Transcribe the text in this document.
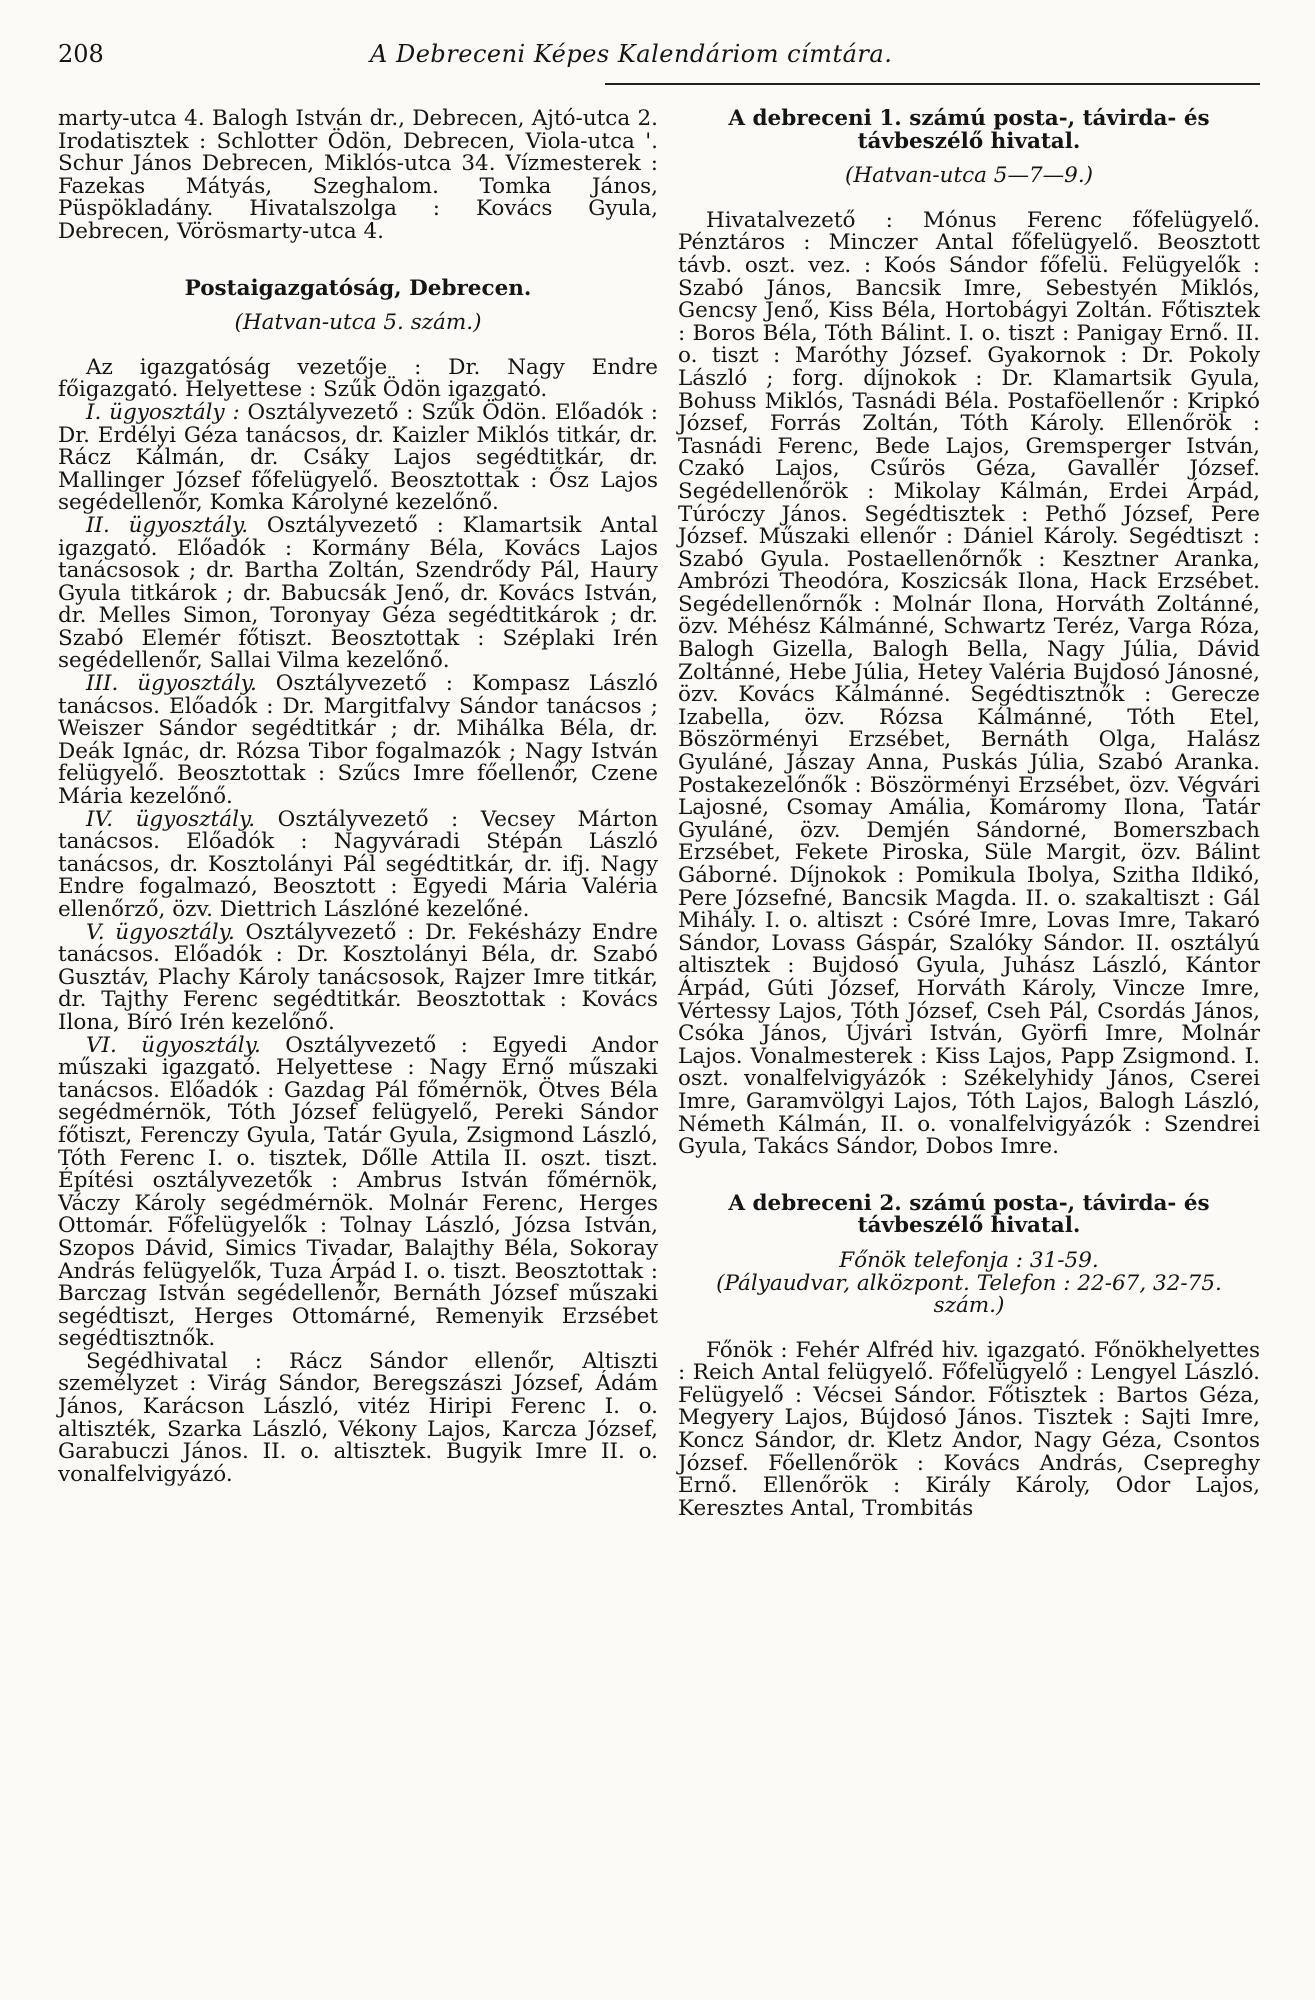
208	A Debreceni Képes Kalendáriom címtára.

marty-utca 4. Balogh István dr., Debrecen, Ajtó-utca 2. Irodatisztek : Schlotter Ödön, Debrecen, Viola-utca '. Schur János Debrecen, Miklós-utca 34. Vízmesterek : Fazekas Mátyás, Szeghalom. Tomka János, Püspökladány. Hivatalszolga : Kovács Gyula, Debrecen, Vörösmarty-utca 4.

Postaigazgatóság, Debrecen.

(Hatvan-utca 5. szám.)

Az igazgatóság vezetője : Dr. Nagy Endre főigazgató. Helyettese : Szűk Ödön igazgató.

I. ügyosztály : Osztályvezető : Szűk Ödön. Előadók : Dr. Erdélyi Géza tanácsos, dr. Kaizler Miklós titkár, dr. Rácz Kálmán, dr. Csáky Lajos segédtitkár, dr. Mallinger József főfelügyelő. Beosztottak : Ősz Lajos segédellenőr, Komka Károlyné kezelőnő.

II. ügyosztály. Osztályvezető : Klamartsik Antal igazgató. Előadók : Kormány Béla, Kovács Lajos tanácsosok ; dr. Bartha Zoltán, Szendrődy Pál, Haury Gyula titkárok ; dr. Babucsák Jenő, dr. Kovács István, dr. Melles Simon, Toronyay Géza segédtitkárok ; dr. Szabó Elemér főtiszt. Beosztottak : Széplaki Irén segédellenőr, Sallai Vilma kezelőnő.

III. ügyosztály. Osztályvezető : Kompasz László tanácsos. Előadók : Dr. Margitfalvy Sándor tanácsos ; Weiszer Sándor segédtitkár ; dr. Mihálka Béla, dr. Deák Ignác, dr. Rózsa Tibor fogalmazók ; Nagy István felügyelő. Beosztottak : Szűcs Imre főellenőr, Czene Mária kezelőnő.

IV. ügyosztály. Osztályvezető : Vecsey Márton tanácsos. Előadók : Nagyváradi Stépán László tanácsos, dr. Kosztolányi Pál segédtitkár, dr. ifj. Nagy Endre fogalmazó, Beosztott : Egyedi Mária Valéria ellenőrző, özv. Diettrich Lászlóné kezelőné.

V. ügyosztály. Osztályvezető : Dr. Fekésházy Endre tanácsos. Előadók : Dr. Kosztolányi Béla, dr. Szabó Gusztáv, Plachy Károly tanácsosok, Rajzer Imre titkár, dr. Tajthy Ferenc segédtitkár. Beosztottak : Kovács Ilona, Bíró Irén kezelőnő.

VI. ügyosztály. Osztályvezető : Egyedi Andor műszaki igazgató. Helyettese : Nagy Ernő műszaki tanácsos. Előadók : Gazdag Pál főmérnök, Ötves Béla segédmérnök, Tóth József felügyelő, Pereki Sándor főtiszt, Ferenczy Gyula, Tatár Gyula, Zsigmond László, Tóth Ferenc I. o. tisztek, Dőlle Attila II. oszt. tiszt. Építési osztályvezetők : Ambrus István főmérnök, Váczy Károly segédmérnök. Molnár Ferenc, Herges Ottomár. Főfelügyelők : Tolnay László, Józsa István, Szopos Dávid, Simics Tivadar, Balajthy Béla, Sokoray András felügyelők, Tuza Árpád I. o. tiszt. Beosztottak : Barczag István segédellenőr, Bernáth József műszaki segédtiszt, Herges Ottomárné, Remenyik Erzsébet segédtisztnők.

Segédhivatal : Rácz Sándor ellenőr, Altiszti személyzet : Virág Sándor, Beregszászi József, Ádám János, Karácson László, vitéz Hiripi Ferenc I. o. altiszték, Szarka László, Vékony Lajos, Karcza József, Garabuczi János. II. o. altisztek. Bugyik Imre II. o. vonalfelvigyázó.

A debreceni 1. számú posta-, távirda- és távbeszélő hivatal.

(Hatvan-utca 5—7—9.)

Hivatalvezető : Mónus Ferenc főfelügyelő. Pénztáros : Minczer Antal főfelügyelő. Beosztott távb. oszt. vez. : Koós Sándor főfelü. Felügyelők : Szabó János, Bancsik Imre, Sebestyén Miklós, Gencsy Jenő, Kiss Béla, Hortobágyi Zoltán. Főtisztek : Boros Béla, Tóth Bálint. I. o. tiszt : Panigay Ernő. II. o. tiszt : Maróthy József. Gyakornok : Dr. Pokoly László ; forg. díjnokok : Dr. Klamartsik Gyula, Bohuss Miklós, Tasnádi Béla. Postaföellenőr : Kripkó József, Forrás Zoltán, Tóth Károly. Ellenőrök : Tasnádi Ferenc, Bede Lajos, Gremsperger István, Czakó Lajos, Csűrös Géza, Gavallér József. Segédellenőrök : Mikolay Kálmán, Erdei Árpád, Túróczy János. Segédtisztek : Pethő József, Pere József. Műszaki ellenőr : Dániel Károly. Segédtiszt : Szabó Gyula. Postaellenőrnők : Kesztner Aranka, Ambrózi Theodóra, Koszicsák Ilona, Hack Erzsébet. Segédellenőrnők : Molnár Ilona, Horváth Zoltánné, özv. Méhész Kálmánné, Schwartz Teréz, Varga Róza, Balogh Gizella, Balogh Bella, Nagy Júlia, Dávid Zoltánné, Hebe Júlia, Hetey Valéria Bujdosó Jánosné, özv. Kovács Kálmánné. Segédtisztnők : Gerecze Izabella, özv. Rózsa Kálmánné, Tóth Etel, Böszörményi Erzsébet, Bernáth Olga, Halász Gyuláné, Jászay Anna, Puskás Júlia, Szabó Aranka. Postakezelőnők : Böszörményi Erzsébet, özv. Végvári Lajosné, Csomay Amália, Komáromy Ilona, Tatár Gyuláné, özv. Demjén Sándorné, Bomerszbach Erzsébet, Fekete Piroska, Süle Margit, özv. Bálint Gáborné. Díjnokok : Pomikula Ibolya, Szitha Ildikó, Pere Józsefné, Bancsik Magda. II. o. szakaltiszt : Gál Mihály. I. o. altiszt : Csóré Imre, Lovas Imre, Takaró Sándor, Lovass Gáspár, Szalóky Sándor. II. osztályú altisztek : Bujdosó Gyula, Juhász László, Kántor Árpád, Gúti József, Horváth Károly, Vincze Imre, Vértessy Lajos, Tóth József, Cseh Pál, Csordás János, Csóka János, Újvári István, Györfi Imre, Molnár Lajos. Vonalmesterek : Kiss Lajos, Papp Zsigmond. I. oszt. vonalfelvigyázók : Székelyhidy János, Cserei Imre, Garamvölgyi Lajos, Tóth Lajos, Balogh László, Németh Kálmán, II. o. vonalfelvigyázók : Szendrei Gyula, Takács Sándor, Dobos Imre.

A debreceni 2. számú posta-, távirda- és távbeszélő hivatal.

Főnök telefonja : 31-59.

(Pályaudvar, alközpont. Telefon : 22-67, 32-75. szám.)

Főnök : Fehér Alfréd hiv. igazgató. Főnökhelyettes : Reich Antal felügyelő. Főfelügyelő : Lengyel László. Felügyelő : Vécsei Sándor. Főtisztek : Bartos Géza, Megyery Lajos, Bújdosó János. Tisztek : Sajti Imre, Koncz Sándor, dr. Kletz Andor, Nagy Géza, Csontos József. Főellenőrök : Kovács András, Csepreghy Ernő. Ellenőrök : Király Károly, Odor Lajos, Keresztes Antal, Trombitás
